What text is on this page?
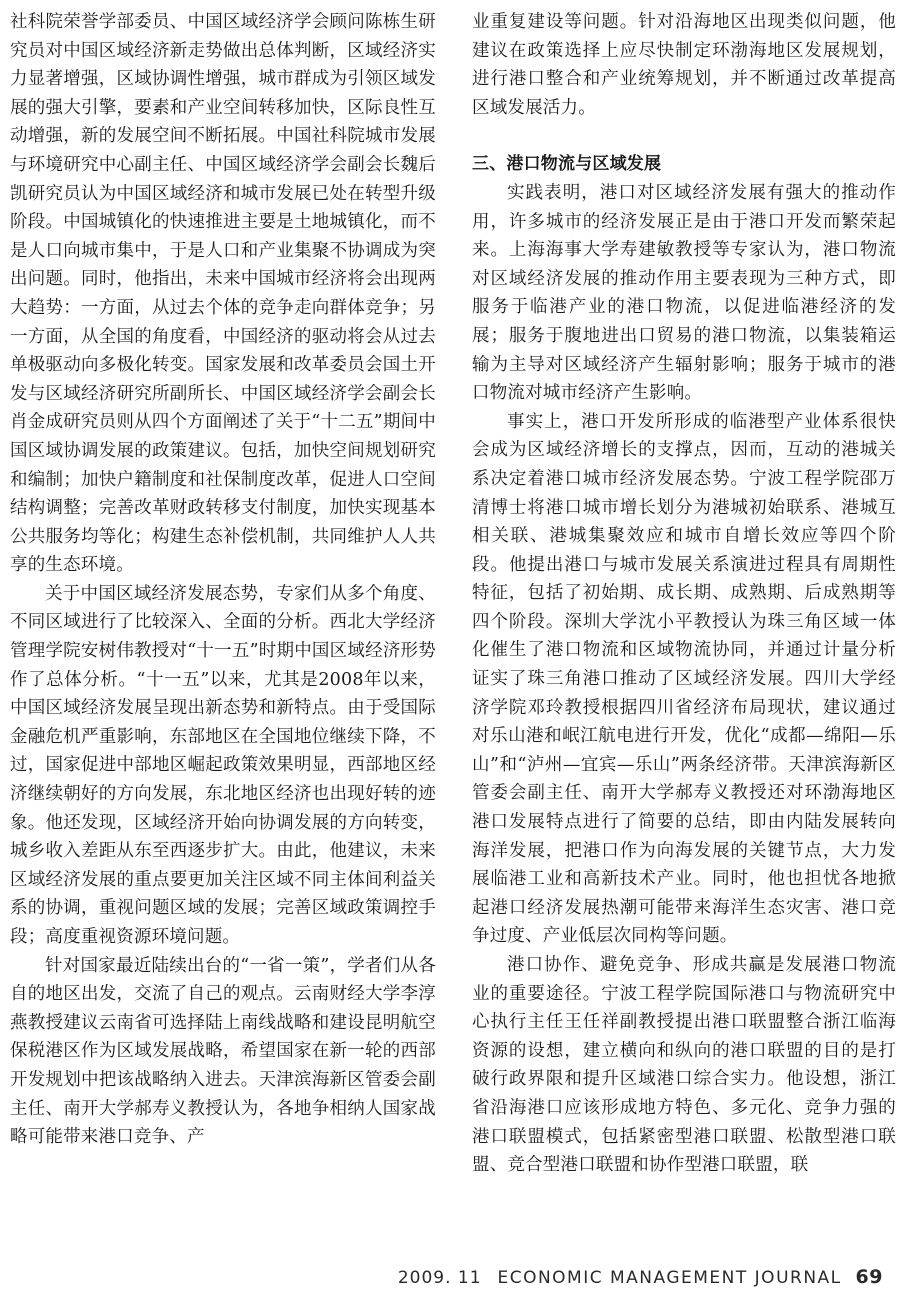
社科院荣誉学部委员、中国区域经济学会顾问陈栋生研究员对中国区域经济新走势做出总体判断，区域经济实力显著增强，区域协调性增强，城市群成为引领区域发展的强大引擎，要素和产业空间转移加快，区际良性互动增强，新的发展空间不断拓展。中国社科院城市发展与环境研究中心副主任、中国区域经济学会副会长魏后凯研究员认为中国区域经济和城市发展已处在转型升级阶段。中国城镇化的快速推进主要是土地城镇化，而不是人口向城市集中，于是人口和产业集聚不协调成为突出问题。同时，他指出，未来中国城市经济将会出现两大趋势：一方面，从过去个体的竞争走向群体竞争；另一方面，从全国的角度看，中国经济的驱动将会从过去单极驱动向多极化转变。国家发展和改革委员会国土开发与区域经济研究所副所长、中国区域经济学会副会长肖金成研究员则从四个方面阐述了关于“十二五”期间中国区域协调发展的政策建议。包括，加快空间规划研究和编制；加快户籍制度和社保制度改革，促进人口空间结构调整；完善改革财政转移支付制度，加快实现基本公共服务均等化；构建生态补偿机制，共同维护人人共享的生态环境。

关于中国区域经济发展态势，专家们从多个角度、不同区域进行了比较深入、全面的分析。西北大学经济管理学院安树伟教授对“十一五”时期中国区域经济形势作了总体分析。“十一五”以来，尤其是2008年以来，中国区域经济发展呈现出新态势和新特点。由于受国际金融危机严重影响，东部地区在全国地位继续下降，不过，国家促进中部地区崛起政策效果明显，西部地区经济继续朝好的方向发展，东北地区经济也出现好转的迹象。他还发现，区域经济开始向协调发展的方向转变，城乡收入差距从东至西逐步扩大。由此，他建议，未来区域经济发展的重点要更加关注区域不同主体间利益关系的协调，重视问题区域的发展；完善区域政策调控手段；高度重视资源环境问题。

针对国家最近陆续出台的“一省一策”，学者们从各自的地区出发，交流了自己的观点。云南财经大学李淳燕教授建议云南省可选择陆上南线战略和建设昆明航空保税港区作为区域发展战略，希望国家在新一轮的西部开发规划中把该战略纳入进去。天津滨海新区管委会副主任、南开大学郝寿义教授认为，各地争相纳人国家战略可能带来港口竞争、产

业重复建设等问题。针对沿海地区出现类似问题，他建议在政策选择上应尽快制定环渤海地区发展规划，进行港口整合和产业统筹规划，并不断通过改革提高区域发展活力。

三、港口物流与区域发展

实践表明，港口对区域经济发展有强大的推动作用，许多城市的经济发展正是由于港口开发而繁荣起来。上海海事大学寿建敏教授等专家认为，港口物流对区域经济发展的推动作用主要表现为三种方式，即服务于临港产业的港口物流，以促进临港经济的发展；服务于腹地进出口贸易的港口物流，以集装箱运输为主导对区域经济产生辐射影响；服务于城市的港口物流对城市经济产生影响。

事实上，港口开发所形成的临港型产业体系很快会成为区域经济增长的支撑点，因而，互动的港城关系决定着港口城市经济发展态势。宁波工程学院邵万清博士将港口城市增长划分为港城初始联系、港城互相关联、港城集聚效应和城市自增长效应等四个阶段。他提出港口与城市发展关系演进过程具有周期性特征，包括了初始期、成长期、成熟期、后成熟期等四个阶段。深圳大学沈小平教授认为珠三角区域一体化催生了港口物流和区域物流协同，并通过计量分析证实了珠三角港口推动了区域经济发展。四川大学经济学院邓玲教授根据四川省经济布局现状，建议通过对乐山港和岷江航电进行开发，优化“成都—绵阳—乐山”和“泸州—宜宾—乐山”两条经济带。天津滨海新区管委会副主任、南开大学郝寿义教授还对环渤海地区港口发展特点进行了简要的总结，即由内陆发展转向海洋发展，把港口作为向海发展的关键节点，大力发展临港工业和高新技术产业。同时，他也担忧各地掀起港口经济发展热潮可能带来海洋生态灾害、港口竞争过度、产业低层次同构等问题。

港口协作、避免竞争、形成共赢是发展港口物流业的重要途径。宁波工程学院国际港口与物流研究中心执行主任王任祥副教授提出港口联盟整合浙江临海资源的设想，建立横向和纵向的港口联盟的目的是打破行政界限和提升区域港口综合实力。他设想，浙江省沿海港口应该形成地方特色、多元化、竞争力强的港口联盟模式，包括紧密型港口联盟、松散型港口联盟、竞合型港口联盟和协作型港口联盟，联

2009. 11 ECONOMIC MANAGEMENT JOURNAL 69
